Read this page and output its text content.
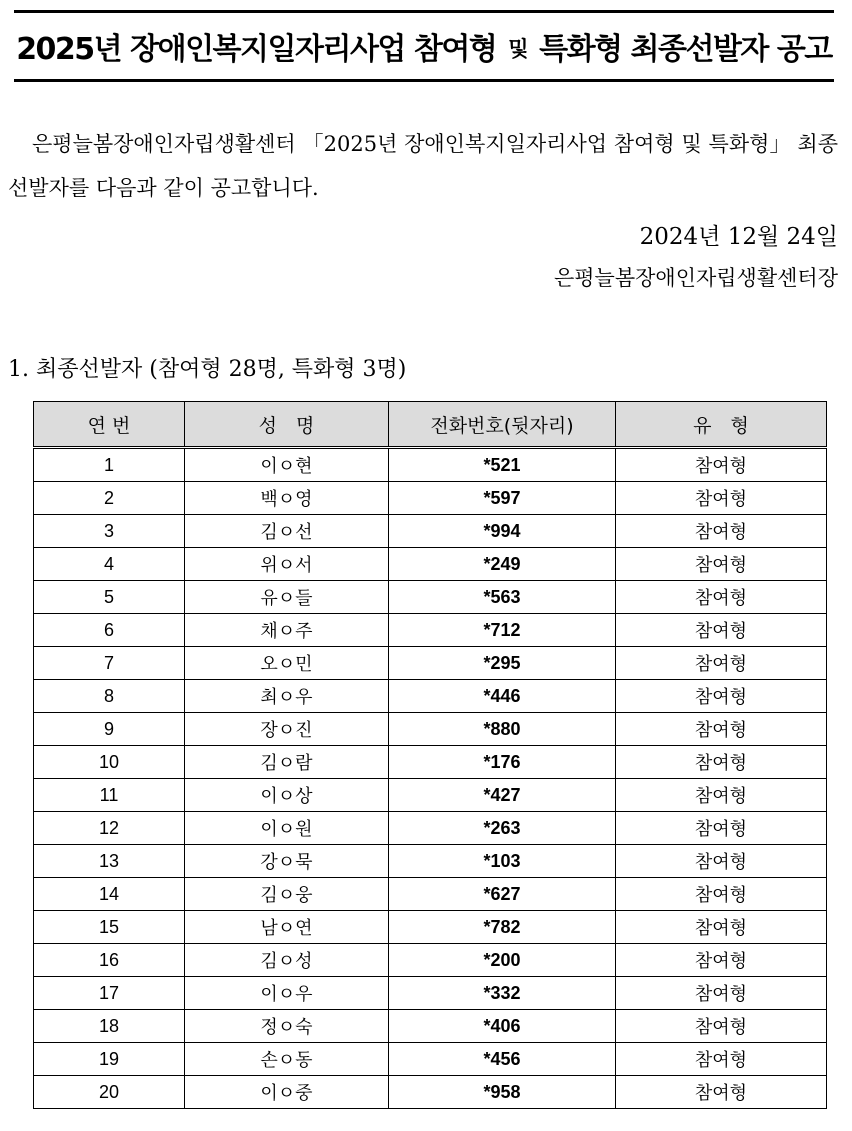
2025년 장애인복지일자리사업 참여형 및 특화형 최종선발자 공고

은평늘봄장애인자립생활센터 「2025년 장애인복지일자리사업 참여형 및 특화형」 최종선발자를 다음과 같이 공고합니다.

2024년 12월 24일
은평늘봄장애인자립생활센터장
1. 최종선발자 (참여형 28명, 특화형 3명)
연 번	성　명	전화번호(뒷자리)	유　형
1	이ㅇ현	*521	참여형
2	백ㅇ영	*597	참여형
3	김ㅇ선	*994	참여형
4	위ㅇ서	*249	참여형
5	유ㅇ들	*563	참여형
6	채ㅇ주	*712	참여형
7	오ㅇ민	*295	참여형
8	최ㅇ우	*446	참여형
9	장ㅇ진	*880	참여형
10	김ㅇ람	*176	참여형
11	이ㅇ상	*427	참여형
12	이ㅇ원	*263	참여형
13	강ㅇ묵	*103	참여형
14	김ㅇ웅	*627	참여형
15	남ㅇ연	*782	참여형
16	김ㅇ성	*200	참여형
17	이ㅇ우	*332	참여형
18	정ㅇ숙	*406	참여형
19	손ㅇ동	*456	참여형
20	이ㅇ중	*958	참여형
